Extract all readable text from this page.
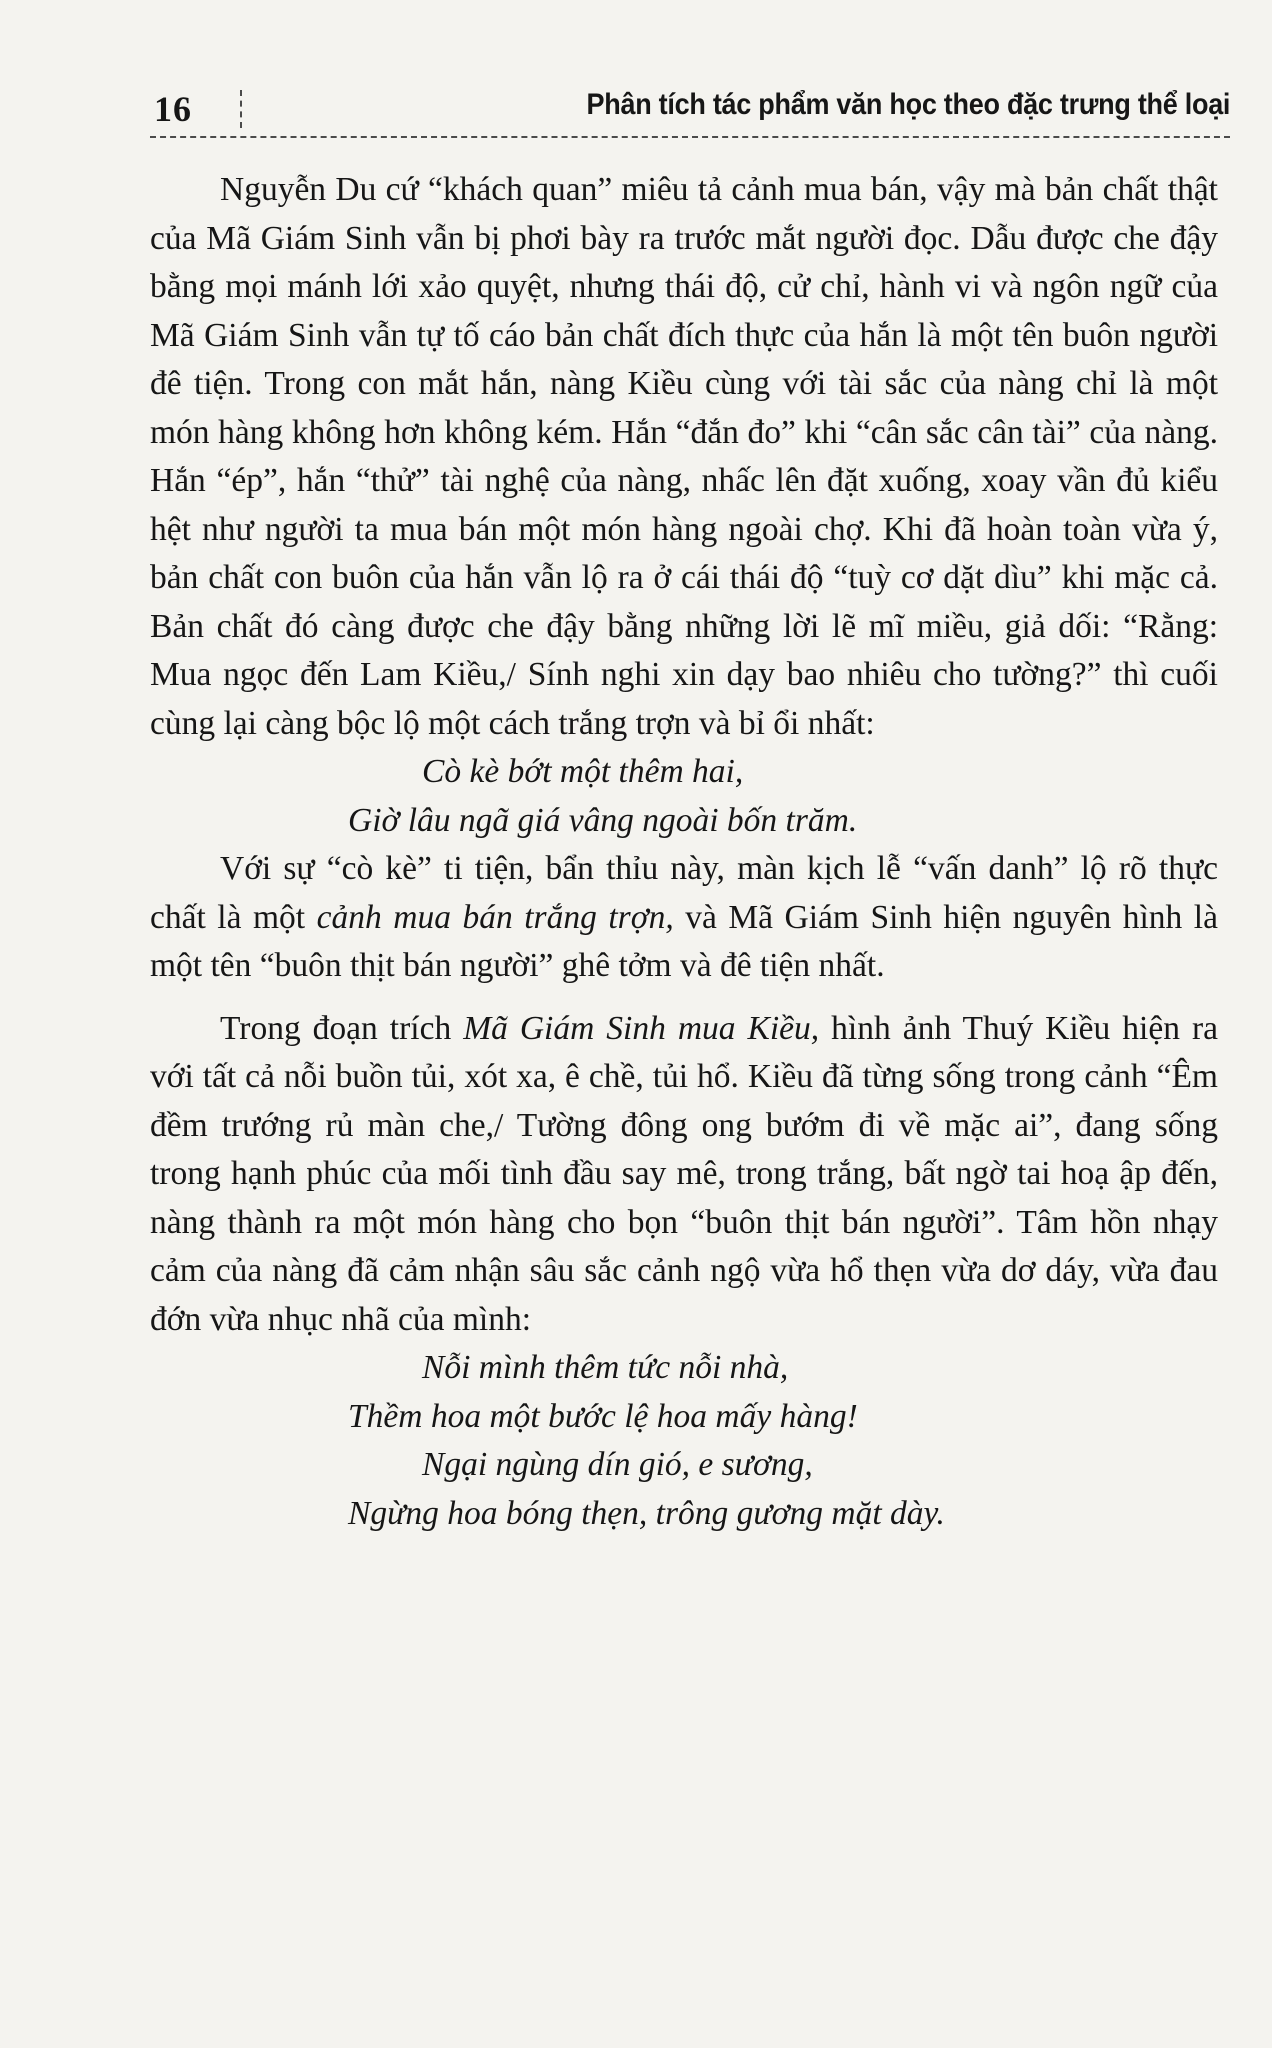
16	Phân tích tác phẩm văn học theo đặc trưng thể loại

Nguyễn Du cứ “khách quan” miêu tả cảnh mua bán, vậy mà bản chất thật của Mã Giám Sinh vẫn bị phơi bày ra trước mắt người đọc. Dẫu được che đậy bằng mọi mánh lới xảo quyệt, nhưng thái độ, cử chỉ, hành vi và ngôn ngữ của Mã Giám Sinh vẫn tự tố cáo bản chất đích thực của hắn là một tên buôn người đê tiện. Trong con mắt hắn, nàng Kiều cùng với tài sắc của nàng chỉ là một món hàng không hơn không kém. Hắn “đắn đo” khi “cân sắc cân tài” của nàng. Hắn “ép”, hắn “thử” tài nghệ của nàng, nhấc lên đặt xuống, xoay vần đủ kiểu hệt như người ta mua bán một món hàng ngoài chợ. Khi đã hoàn toàn vừa ý, bản chất con buôn của hắn vẫn lộ ra ở cái thái độ “tuỳ cơ dặt dìu” khi mặc cả. Bản chất đó càng được che đậy bằng những lời lẽ mĩ miều, giả dối: “Rằng: Mua ngọc đến Lam Kiều,/ Sính nghi xin dạy bao nhiêu cho tường?” thì cuối cùng lại càng bộc lộ một cách trắng trợn và bỉ ổi nhất:

Cò kè bớt một thêm hai,
Giờ lâu ngã giá vâng ngoài bốn trăm.

Với sự “cò kè” ti tiện, bẩn thỉu này, màn kịch lễ “vấn danh” lộ rõ thực chất là một cảnh mua bán trắng trợn, và Mã Giám Sinh hiện nguyên hình là một tên “buôn thịt bán người” ghê tởm và đê tiện nhất.

Trong đoạn trích Mã Giám Sinh mua Kiều, hình ảnh Thuý Kiều hiện ra với tất cả nỗi buồn tủi, xót xa, ê chề, tủi hổ. Kiều đã từng sống trong cảnh “Êm đềm trướng rủ màn che,/ Tường đông ong bướm đi về mặc ai”, đang sống trong hạnh phúc của mối tình đầu say mê, trong trắng, bất ngờ tai hoạ ập đến, nàng thành ra một món hàng cho bọn “buôn thịt bán người”. Tâm hồn nhạy cảm của nàng đã cảm nhận sâu sắc cảnh ngộ vừa hổ thẹn vừa dơ dáy, vừa đau đớn vừa nhục nhã của mình:

Nỗi mình thêm tức nỗi nhà,
Thềm hoa một bước lệ hoa mấy hàng!
Ngại ngùng dín gió, e sương,
Ngừng hoa bóng thẹn, trông gương mặt dày.
